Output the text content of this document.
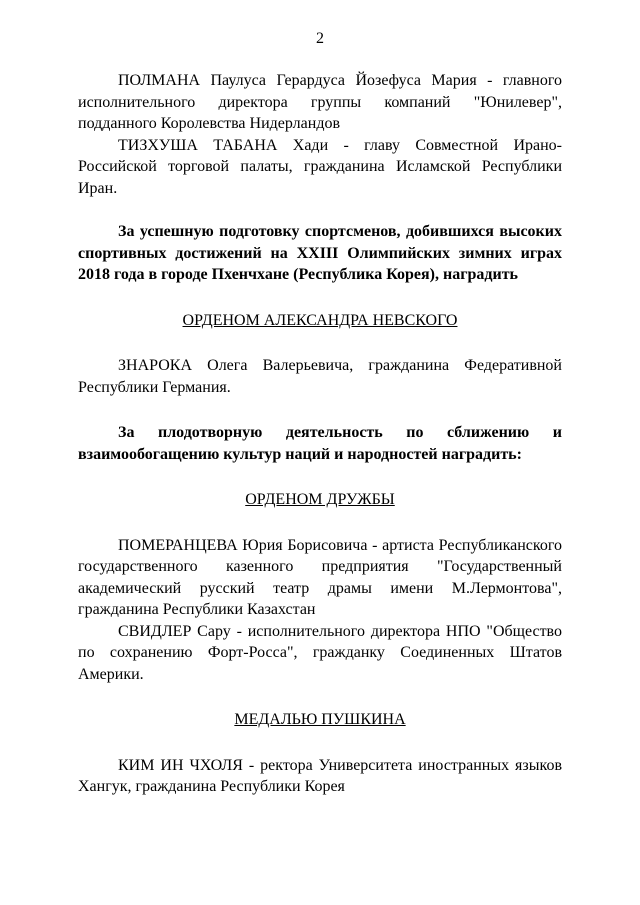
2

ПОЛМАНА Паулуса Герардуса Йозефуса Мария - главного исполнительного директора группы компаний "Юнилевер", подданного Королевства Нидерландов

ТИЗХУША ТАБАНА Хади - главу Совместной Ирано-Российской торговой палаты, гражданина Исламской Республики Иран.

За успешную подготовку спортсменов, добившихся высоких спортивных достижений на XXIII Олимпийских зимних играх 2018 года в городе Пхенчхане (Республика Корея), наградить

ОРДЕНОМ АЛЕКСАНДРА НЕВСКОГО

ЗНАРОКА Олега Валерьевича, гражданина Федеративной Республики Германия.

За плодотворную деятельность по сближению и взаимообогащению культур наций и народностей наградить:

ОРДЕНОМ ДРУЖБЫ

ПОМЕРАНЦЕВА Юрия Борисовича - артиста Республиканского государственного казенного предприятия "Государственный академический русский театр драмы имени М.Лермонтова", гражданина Республики Казахстан

СВИДЛЕР Сару - исполнительного директора НПО "Общество по сохранению Форт-Росса", гражданку Соединенных Штатов Америки.

МЕДАЛЬЮ ПУШКИНА

КИМ ИН ЧХОЛЯ - ректора Университета иностранных языков Хангук, гражданина Республики Корея
